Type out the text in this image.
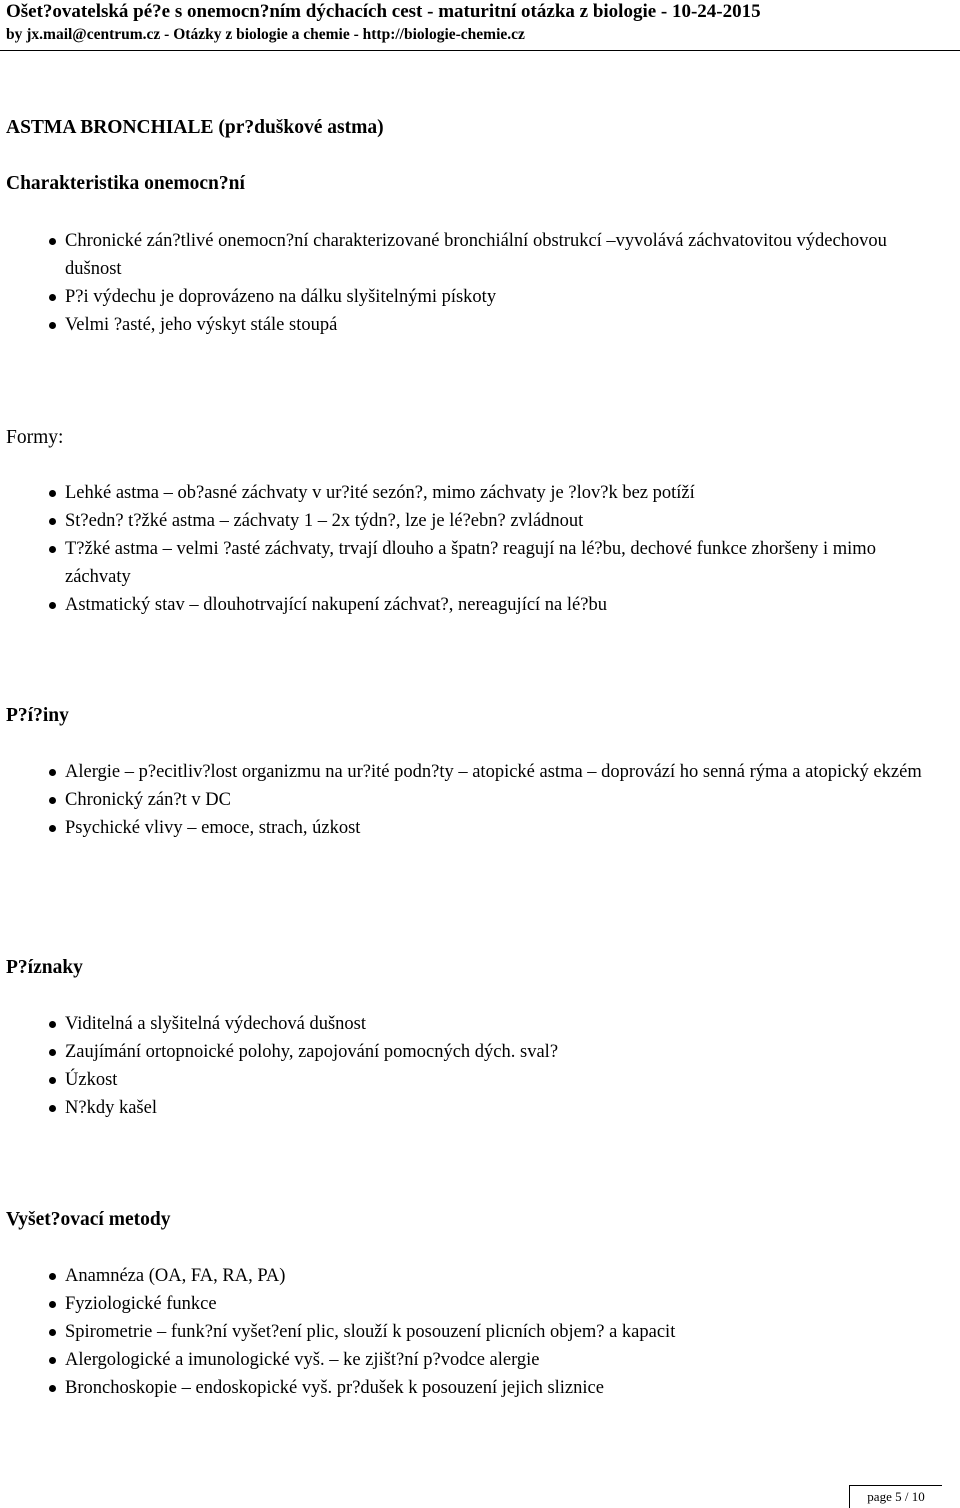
Ošet?ovatelská pé?e s onemocn?ním dýchacích cest - maturitní otázka z biologie - 10-24-2015

by jx.mail@centrum.cz - Otázky z biologie a chemie - http://biologie-chemie.cz

ASTMA BRONCHIALE (pr?duškové astma)

Charakteristika onemocn?ní

Chronické zán?tlivé onemocn?ní charakterizované bronchiální obstrukcí –vyvolává záchvatovitou výdechovou dušnost
P?i výdechu je doprovázeno na dálku slyšitelnými pískoty
Velmi ?asté, jeho výskyt stále stoupá

Formy:

Lehké astma – ob?asné záchvaty v ur?ité sezón?, mimo záchvaty je ?lov?k bez potíží
St?edn? t?žké astma – záchvaty 1 – 2x týdn?, lze je lé?ebn? zvládnout
T?žké astma – velmi ?asté záchvaty, trvají dlouho a špatn? reagují na lé?bu, dechové funkce zhoršeny i mimo záchvaty
Astmatický stav – dlouhotrvající nakupení záchvat?, nereagující na lé?bu

P?í?iny

Alergie – p?ecitliv?lost organizmu na ur?ité podn?ty – atopické astma – doprovází ho senná rýma a atopický ekzém
Chronický zán?t v DC
Psychické vlivy – emoce, strach, úzkost

P?íznaky

Viditelná a slyšitelná výdechová dušnost
Zaujímání ortopnoické polohy, zapojování pomocných dých. sval?
Úzkost
N?kdy kašel

Vyšet?ovací metody

Anamnéza (OA, FA, RA, PA)
Fyziologické funkce
Spirometrie – funk?ní vyšet?ení plic, slouží k posouzení plicních objem? a kapacit
Alergologické a imunologické vyš. – ke zjišt?ní p?vodce alergie
Bronchoskopie – endoskopické vyš. pr?dušek k posouzení jejich sliznice
page 5 / 10
